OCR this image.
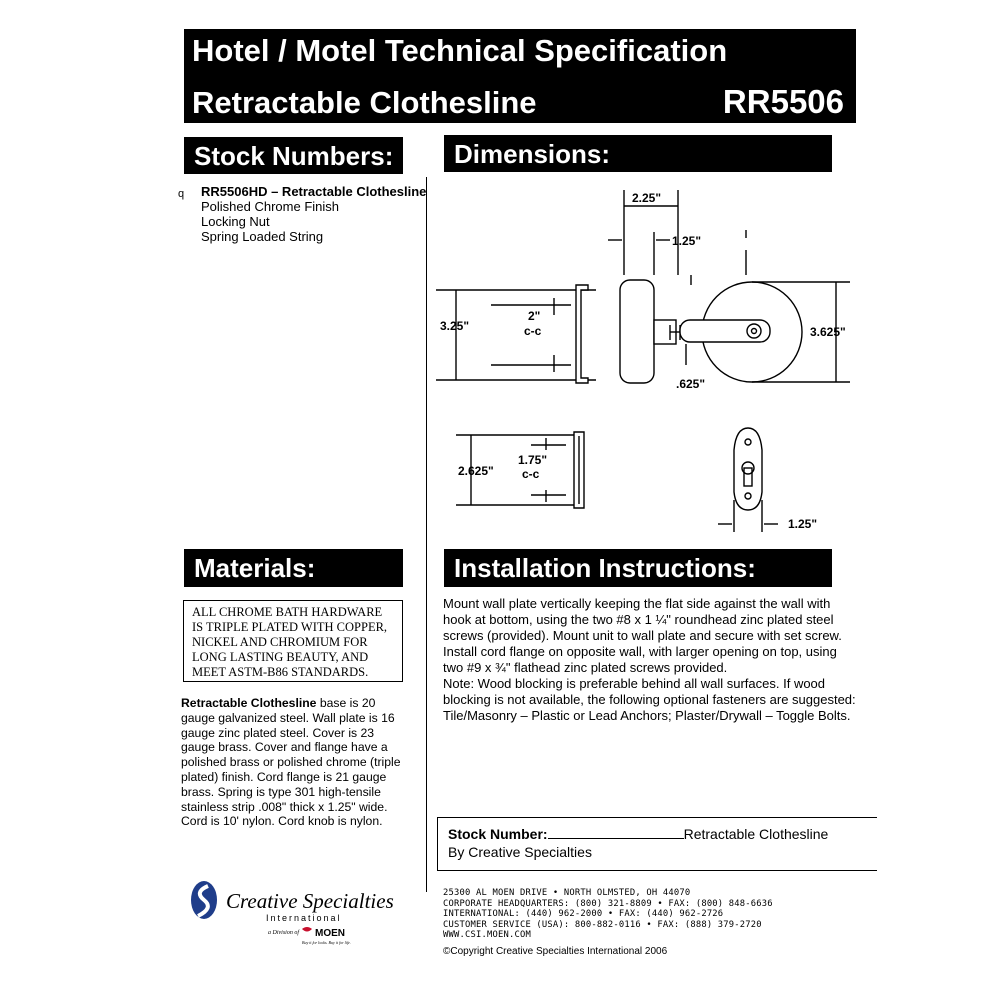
Hotel / Motel Technical Specification
Retractable Clothesline	RR5506
Stock Numbers:	Dimensions:
Materials:	Installation Instructions:
q RR5506HD – Retractable Clothesline
Polished Chrome Finish
Locking Nut
Spring Loaded String
2.25"
1.25"
3.25"
2"
c-c	3.625"
.625"
2.625"
1.75"
c-c
1.25"
ALL CHROME BATH HARDWARE IS TRIPLE PLATED WITH COPPER, NICKEL AND CHROMIUM FOR LONG LASTING BEAUTY, AND MEET ASTM-B86 STANDARDS.
Retractable Clothesline base is 20 gauge galvanized steel. Wall plate is 16 gauge zinc plated steel. Cover is 23 gauge brass. Cover and flange have a polished brass or polished chrome (triple plated) finish. Cord flange is 21 gauge brass. Spring is type 301 high-tensile stainless strip .008" thick x 1.25" wide. Cord is 10' nylon. Cord knob is nylon.
Mount wall plate vertically keeping the flat side against the wall with hook at bottom, using the two #8 x 1 ¼" roundhead zinc plated steel screws (provided). Mount unit to wall plate and secure with set screw. Install cord flange on opposite wall, with larger opening on top, using two #9 x ¾" flathead zinc plated screws provided.
Note: Wood blocking is preferable behind all wall surfaces. If wood blocking is not available, the following optional fasteners are suggested: Tile/Masonry – Plastic or Lead Anchors; Plaster/Drywall – Toggle Bolts.
Stock Number:	Retractable Clothesline
By Creative Specialties
Creative Specialties
International
a Division of MOEN
Buy it for looks. Buy it for life.
25300 AL MOEN DRIVE • NORTH OLMSTED, OH 44070
CORPORATE HEADQUARTERS: (800) 321-8809 • FAX: (800) 848-6636
INTERNATIONAL: (440) 962-2000 • FAX: (440) 962-2726
CUSTOMER SERVICE (USA): 800-882-0116 • FAX: (888) 379-2720
WWW.CSI.MOEN.COM
©Copyright Creative Specialties International 2006
